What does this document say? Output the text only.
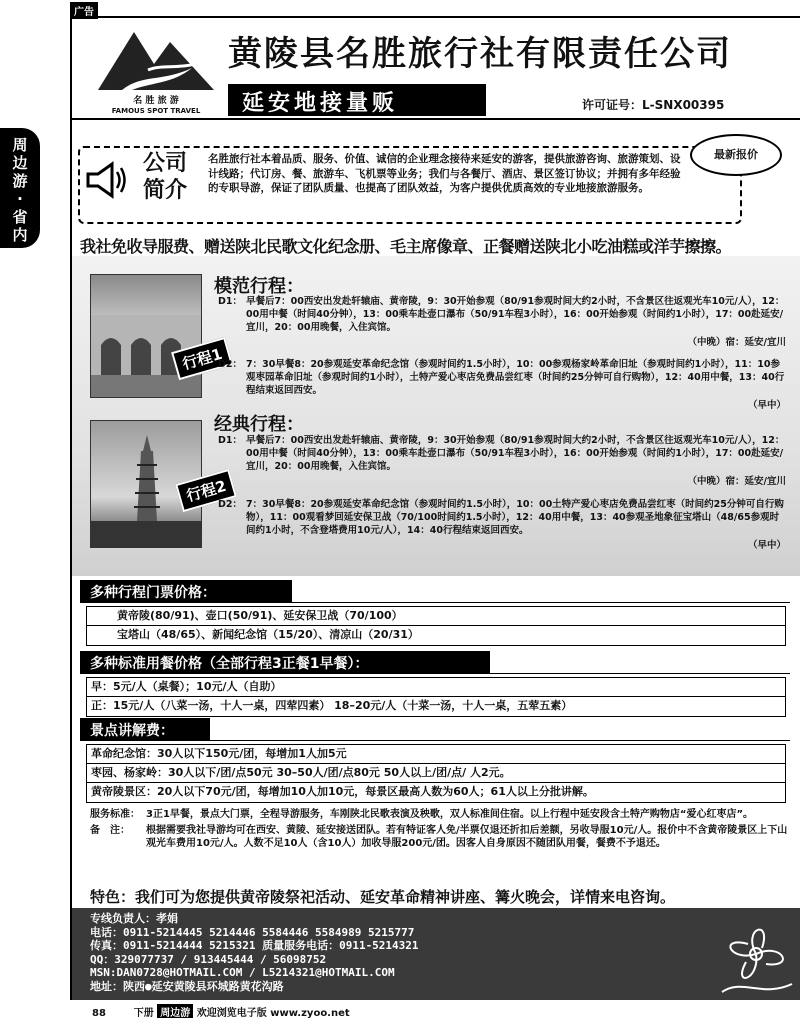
广告
周
边
游
·
省
内
名 胜 旅 游
FAMOUS SPOT TRAVEL
黄陵县名胜旅行社有限责任公司
延安地接量贩	许可证号：L-SNX00395
公司
简介
名胜旅行社本着品质、服务、价值、诚信的企业理念接待来延安的游客，提供旅游咨询、旅游策划、设计线路；代订房、餐、旅游车、飞机票等业务；我们与各餐厅、酒店、景区签订协议；并拥有多年经验的专职导游，保证了团队质量、也提高了团队效益，为客户提供优质高效的专业地接旅游服务。
最新报价
我社免收导服费、赠送陕北民歌文化纪念册、毛主席像章、正餐赠送陕北小吃油糕或洋芋擦擦。
行程1
行程2
模范行程：
D1： 早餐后7：00西安出发赴轩辕庙、黄帝陵，9：30开始参观（80/91参观时间大约2小时，不含景区往返观光车10元/人），12：00用中餐（时间40分钟），13：00乘车赴壶口瀑布（50/91车程3小时），16：00开始参观（时间约1小时），17：00赴延安/宜川，20：00用晚餐，入住宾馆。
（中晚）宿：延安/宜川
D2： 7：30早餐8：20参观延安革命纪念馆（参观时间约1.5小时），10：00参观杨家岭革命旧址（参观时间约1小时），11：10参观枣园革命旧址（参观时间约1小时），土特产爱心枣店免费品尝红枣（时间约25分钟可自行购物），12：40用中餐，13：40行程结束返回西安。
（早中）
经典行程：
D1： 早餐后7：00西安出发赴轩辕庙、黄帝陵，9：30开始参观（80/91参观时间大约2小时，不含景区往返观光车10元/人），12：00用中餐（时间40分钟），13：00乘车赴壶口瀑布（50/91车程3小时），16：00开始参观（时间约1小时），17：00赴延安/宜川，20：00用晚餐，入住宾馆。
（中晚）宿：延安/宜川
D2： 7：30早餐8：20参观延安革命纪念馆（参观时间约1.5小时），10：00土特产爱心枣店免费品尝红枣（时间约25分钟可自行购物），11：00观看梦回延安保卫战（70/100时间约1.5小时），12：40用中餐，13：40参观圣地象征宝塔山（48/65参观时间约1小时，不含登塔费用10元/人），14：40行程结束返回西安。
（早中）
多种行程门票价格：
黄帝陵(80/91)、壶口(50/91)、延安保卫战（70/100）
宝塔山（48/65）、新闻纪念馆（15/20）、清凉山（20/31）
多种标准用餐价格（全部行程3正餐1早餐）：
早：5元/人（桌餐）；10元/人（自助）
正：15元/人（八菜一汤，十人一桌，四荤四素） 18–20元/人（十菜一汤，十人一桌，五荤五素）
景点讲解费：
革命纪念馆：30人以下150元/团，每增加1人加5元
枣园、杨家岭：30人以下/团/点50元 30–50人/团/点80元 50人以上/团/点/ 人2元。
黄帝陵景区：20人以下70元/团，每增加10人加10元，每景区最高人数为60人；61人以上分批讲解。
服务标准： 3正1早餐，景点大门票，全程导游服务，车刚陕北民歌表演及秧歌，双人标准间住宿。以上行程中延安段含土特产购物店“爱心红枣店”。
备　注： 根据需要我社导游均可在西安、黄陵、延安接送团队。若有特证客人免/半票仅退还折扣后差额，另收导服10元/人。报价中不含黄帝陵景区上下山观光车费用10元/人。人数不足10人（含10人）加收导服200元/团。因客人自身原因不随团队用餐，餐费不予退还。
特色：我们可为您提供黄帝陵祭祀活动、延安革命精神讲座、篝火晚会，详情来电咨询。
专线负责人：孝娟
电话：0911-5214445 5214446 5584446 5584989 5215777
传真：0911-5214444 5215321 质量服务电话：0911-5214321
QQ：329077737 / 913445444 / 56098752
MSN:DAN0728@HOTMAIL.COM / L5214321@HOTMAIL.COM
地址：陕西●延安黄陵县环城路黄花沟路
88	下册 周边游 欢迎浏览电子版 www.zyoo.net
